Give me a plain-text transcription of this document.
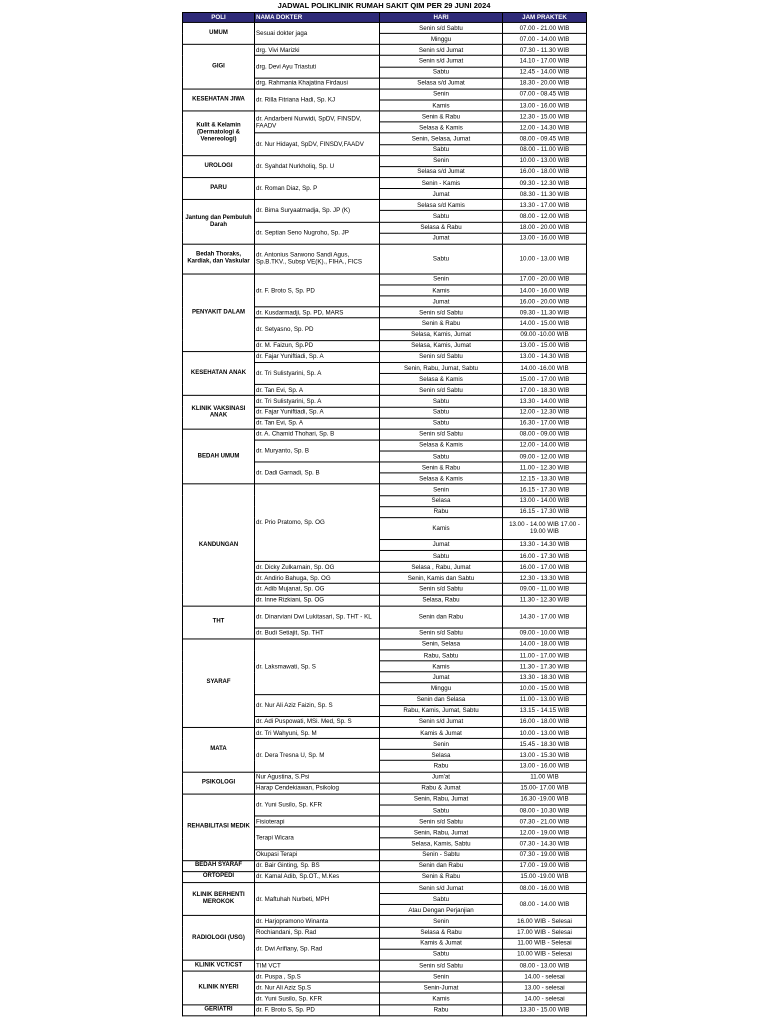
JADWAL POLIKLINIK RUMAH SAKIT QIM PER 29 JUNI 2024
POLI	NAMA DOKTER	HARI	JAM PRAKTEK
UMUM	Sesuai dokter jaga	Senin s/d Sabtu	07.00 - 21.00 WIB
		Minggu	07.00 - 14.00 WIB
GIGI	drg. Vivi Marizki	Senin s/d Jumat	07.30 - 11.30 WIB
	drg. Devi Ayu Triastuti	Senin s/d Jumat	14.10 - 17.00 WIB
		Sabtu	12.45 - 14.00 WIB
	drg. Rahmania Khajatina Firdausi	Selasa s/d Jumat	18.30 - 20.00 WIB
KESEHATAN JIWA	dr. Rilla Fitriana Hadi, Sp. KJ	Senin	07.00 - 08.45 WIB
		Kamis	13.00 - 16.00 WIB
Kulit & Kelamin (Dermatologi & Venereologi)	dr. Andarbeni Nurwidi, SpDV, FINSDV, FAADV	Senin & Rabu	12.30 - 15.00 WIB
		Selasa & Kamis	12.00 - 14.30 WIB
	dr. Nur Hidayat, SpDV, FINSDV,FAADV	Senin, Selasa, Jumat	08.00 - 09.45 WIB
		Sabtu	08.00 - 11.00 WIB
UROLOGI	dr. Syahdat Nurkholiq, Sp. U	Senin	10.00 - 13.00 WIB
		Selasa s/d Jumat	16.00 - 18.00 WIB
PARU	dr. Roman Diaz, Sp. P	Senin - Kamis	09.30 - 12.30 WIB
		Jumat	08.30 - 11.30 WIB
Jantung dan Pembuluh Darah	dr. Bima Suryaatmadja, Sp. JP (K)	Selasa s/d Kamis	13.30 - 17.00 WIB
		Sabtu	08.00 - 12.00 WIB
	dr. Septian Seno Nugroho, Sp. JP	Selasa & Rabu	18.00 - 20.00 WIB
		Jumat	13.00 - 16.00 WIB
Bedah Thoraks, Kardiak, dan Vaskular	dr. Antonius Sarwono Sandi Agus, Sp.B.TKV., Subsp VE(K)., FIHA., FICS	Sabtu	10.00 - 13.00 WIB
PENYAKIT DALAM	dr. F. Broto S, Sp. PD	Senin	17.00 - 20.00 WIB
		Kamis	14.00 - 16.00 WIB
		Jumat	16.00 - 20.00 WIB
	dr. Kusdarmadji, Sp. PD, MARS	Senin s/d Sabtu	09.30 - 11.30 WIB
	dr. Setyasno, Sp. PD	Senin & Rabu	14.00 - 15.00 WIB
		Selasa, Kamis, Jumat	09.00 -10.00 WIB
	dr. M. Faizun, Sp.PD	Selasa, Kamis, Jumat	13.00 - 15.00 WIB
KESEHATAN ANAK	dr. Fajar Yuniftiadi, Sp. A	Senin s/d Sabtu	13.00 - 14.30 WIB
	dr. Tri Sulistyarini, Sp. A	Senin, Rabu, Jumat, Sabtu	14.00 -16.00 WIB
		Selasa & Kamis	15.00 - 17.00 WIB
	dr. Tan Evi, Sp. A	Senin s/d Sabtu	17.00 - 18.30 WIB
KLINIK VAKSINASI ANAK	dr. Tri Sulistyarini, Sp. A	Sabtu	13.30 - 14.00 WIB
	dr. Fajar Yuniftiadi, Sp. A	Sabtu	12.00 - 12.30 WIB
	dr. Tan Evi, Sp. A	Sabtu	16.30 - 17.00 WIB
BEDAH UMUM	dr. A. Chamid Thohari, Sp. B	Senin s/d Sabtu	08.00 - 09.00 WIB
	dr. Muryanto, Sp. B	Selasa & Kamis	12.00 - 14.00 WIB
		Sabtu	09.00 - 12.00 WIB
	dr. Dadi Garnadi, Sp. B	Senin & Rabu	11.00 - 12.30 WIB
		Selasa & Kamis	12.15 - 13.30 WIB
KANDUNGAN	dr. Prio Pratomo, Sp. OG	Senin	16.15 - 17.30 WIB
		Selasa	13.00 - 14.00 WIB
		Rabu	16.15 - 17.30 WIB
		Kamis	13.00 - 14.00 WIB 17.00 - 19.00 WIB
		Jumat	13.30 - 14.30 WIB
		Sabtu	16.00 - 17.30 WIB
	dr. Dicky Zulkarnain, Sp. OG	Selasa , Rabu, Jumat	16.00 - 17.00 WIB
	dr. Andirio Bahuga, Sp. OG	Senin, Kamis dan Sabtu	12.30 - 13.30 WIB
	dr. Adib Mujanat, Sp. OG	Senin s/d Sabtu	09.00 - 11.00 WIB
	dr. Inne Rizkiani, Sp. OG	Selasa, Rabu	11.30 - 12.30 WIB
THT	dr. Dinarviani Dwi Lukitasari, Sp. THT - KL	Senin dan Rabu	14.30 - 17.00 WIB
	dr. Budi Setiajit, Sp. THT	Senin s/d Sabtu	09.00 - 10.00 WIB
SYARAF	dr. Laksmawati, Sp. S	Senin, Selasa	14.00 - 18.00 WIB
		Rabu, Sabtu	11.00 - 17.00 WIB
		Kamis	11.30 - 17.30 WIB
		Jumat	13.30 - 18.30 WIB
		Minggu	10.00 - 15.00 WIB
	dr. Nur Ali Aziz Faizin, Sp. S	Senin dan Selasa	11.00 - 13.00 WIB
		Rabu, Kamis, Jumat, Sabtu	13.15 - 14.15 WIB
	dr. Adi Puspowati, MSi. Med, Sp. S	Senin s/d Jumat	16.00 - 18.00 WIB
MATA	dr. Tri Wahyuni, Sp. M	Kamis & Jumat	10.00 - 13.00 WIB
	dr. Dera Tresna U, Sp. M	Senin	15.45 - 18.30 WIB
		Selasa	13.00 - 15.30 WIB
		Rabu	13.00 - 16.00 WIB
PSIKOLOGI	Nur Agustina, S.Psi	Jum'at	11.00 WIB
	Harap Cendekiawan, Psikolog	Rabu & Jumat	15.00- 17.00 WIB
REHABILITASI MEDIK	dr. Yuni Susilo, Sp. KFR	Senin, Rabu, Jumat	16.30 -19.00 WIB
		Sabtu	08.00 - 10.30 WIB
	Fisioterapi	Senin s/d Sabtu	07.30 - 21.00 WIB
	Terapi Wicara	Senin, Rabu, Jumat	12.00 - 19.00 WIB
		Selasa, Kamis, Sabtu	07.30 - 14.30 WIB
	Okupasi Terapi	Senin - Sabtu	07.30 - 19.00 WIB
BEDAH SYARAF	dr. Bair Ginting, Sp. BS	Senin dan Rabu	17.00 - 19.00 WIB
ORTOPEDI	dr. Kamal Adib, Sp.OT., M.Kes	Senin & Rabu	15.00 -19.00 WIB
KLINIK BERHENTI MEROKOK	dr. Maftuhah Nurbeti, MPH	Senin s/d Jumat	08.00 - 16.00 WIB
		Sabtu	08.00 - 14.00 WIB
		Atau Dengan Perjanjian	
RADIOLOGI (USG)	dr. Harjopramono Winanta	Senin	16.00 WIB - Selesai
	Rochiandani, Sp. Rad	Selasa & Rabu	17.00 WIB - Selesai
	dr. Dwi Arifiany, Sp. Rad	Kamis & Jumat	11.00 WIB - Selesai
		Sabtu	10.00 WIB - Selesai
KLINIK VCT/CST	TIM VCT	Senin s/d Sabtu	08.00 - 13.00 WIB
KLINIK NYERI	dr. Puspa , Sp.S	Senin	14.00 - selesai
	dr. Nur Ali Aziz Sp.S	Senin-Jumat	13.00 - selesai
	dr. Yuni Susilo, Sp. KFR	Kamis	14.00 - selesai
GERIATRI	dr. F. Broto S, Sp. PD	Rabu	13.30 - 15.00 WIB
